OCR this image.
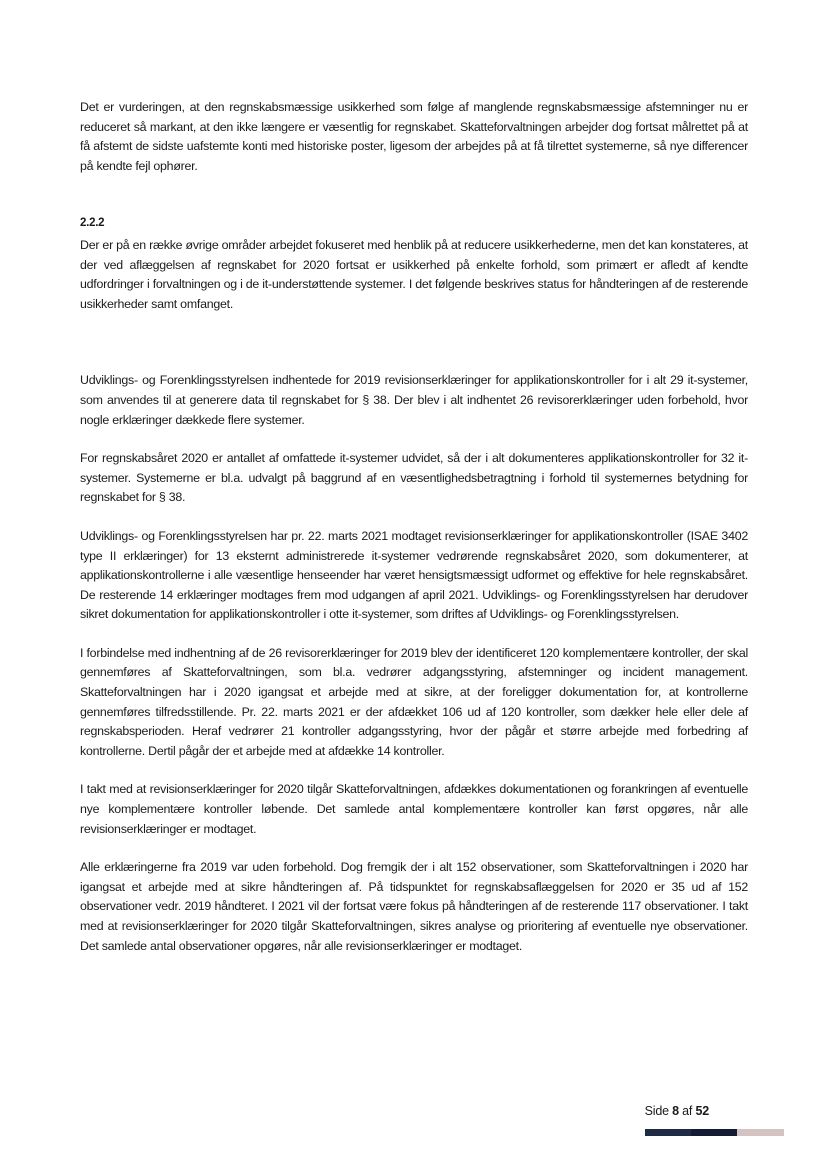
Det er vurderingen, at den regnskabsmæssige usikkerhed som følge af manglende regnskabsmæssige afstemninger nu er reduceret så markant, at den ikke længere er væsentlig for regnskabet. Skatteforvaltningen arbejder dog fortsat målrettet på at få afstemt de sidste uafstemte konti med historiske poster, ligesom der arbejdes på at få tilrettet systemerne, så nye differencer på kendte fejl ophører.

2.2.2

Der er på en række øvrige områder arbejdet fokuseret med henblik på at reducere usikkerhederne, men det kan konstateres, at der ved aflæggelsen af regnskabet for 2020 fortsat er usikkerhed på enkelte forhold, som primært er afledt af kendte udfordringer i forvaltningen og i de it-understøttende systemer. I det følgende beskrives status for håndteringen af de resterende usikkerheder samt omfanget.

Udviklings- og Forenklingsstyrelsen indhentede for 2019 revisionserklæringer for applikationskontroller for i alt 29 it-systemer, som anvendes til at generere data til regnskabet for § 38. Der blev i alt indhentet 26 revisorerklæringer uden forbehold, hvor nogle erklæringer dækkede flere systemer.

For regnskabsåret 2020 er antallet af omfattede it-systemer udvidet, så der i alt dokumenteres applikationskontroller for 32 it-systemer. Systemerne er bl.a. udvalgt på baggrund af en væsentlighedsbetragtning i forhold til systemernes betydning for regnskabet for § 38.

Udviklings- og Forenklingsstyrelsen har pr. 22. marts 2021 modtaget revisionserklæringer for applikationskontroller (ISAE 3402 type II erklæringer) for 13 eksternt administrerede it-systemer vedrørende regnskabsåret 2020, som dokumenterer, at applikationskontrollerne i alle væsentlige henseender har været hensigtsmæssigt udformet og effektive for hele regnskabsåret. De resterende 14 erklæringer modtages frem mod udgangen af april 2021. Udviklings- og Forenklingsstyrelsen har derudover sikret dokumentation for applikationskontroller i otte it-systemer, som driftes af Udviklings- og Forenklingsstyrelsen.

I forbindelse med indhentning af de 26 revisorerklæringer for 2019 blev der identificeret 120 komplementære kontroller, der skal gennemføres af Skatteforvaltningen, som bl.a. vedrører adgangsstyring, afstemninger og incident management. Skatteforvaltningen har i 2020 igangsat et arbejde med at sikre, at der foreligger dokumentation for, at kontrollerne gennemføres tilfredsstillende. Pr. 22. marts 2021 er der afdækket 106 ud af 120 kontroller, som dækker hele eller dele af regnskabsperioden. Heraf vedrører 21 kontroller adgangsstyring, hvor der pågår et større arbejde med forbedring af kontrollerne. Dertil pågår der et arbejde med at afdække 14 kontroller.

I takt med at revisionserklæringer for 2020 tilgår Skatteforvaltningen, afdækkes dokumentationen og forankringen af eventuelle nye komplementære kontroller løbende. Det samlede antal komplementære kontroller kan først opgøres, når alle revisionserklæringer er modtaget.

Alle erklæringerne fra 2019 var uden forbehold. Dog fremgik der i alt 152 observationer, som Skatteforvaltningen i 2020 har igangsat et arbejde med at sikre håndteringen af. På tidspunktet for regnskabsaflæggelsen for 2020 er 35 ud af 152 observationer vedr. 2019 håndteret. I 2021 vil der fortsat være fokus på håndteringen af de resterende 117 observationer. I takt med at revisionserklæringer for 2020 tilgår Skatteforvaltningen, sikres analyse og prioritering af eventuelle nye observationer. Det samlede antal observationer opgøres, når alle revisionserklæringer er modtaget.

Side 8 af 52
